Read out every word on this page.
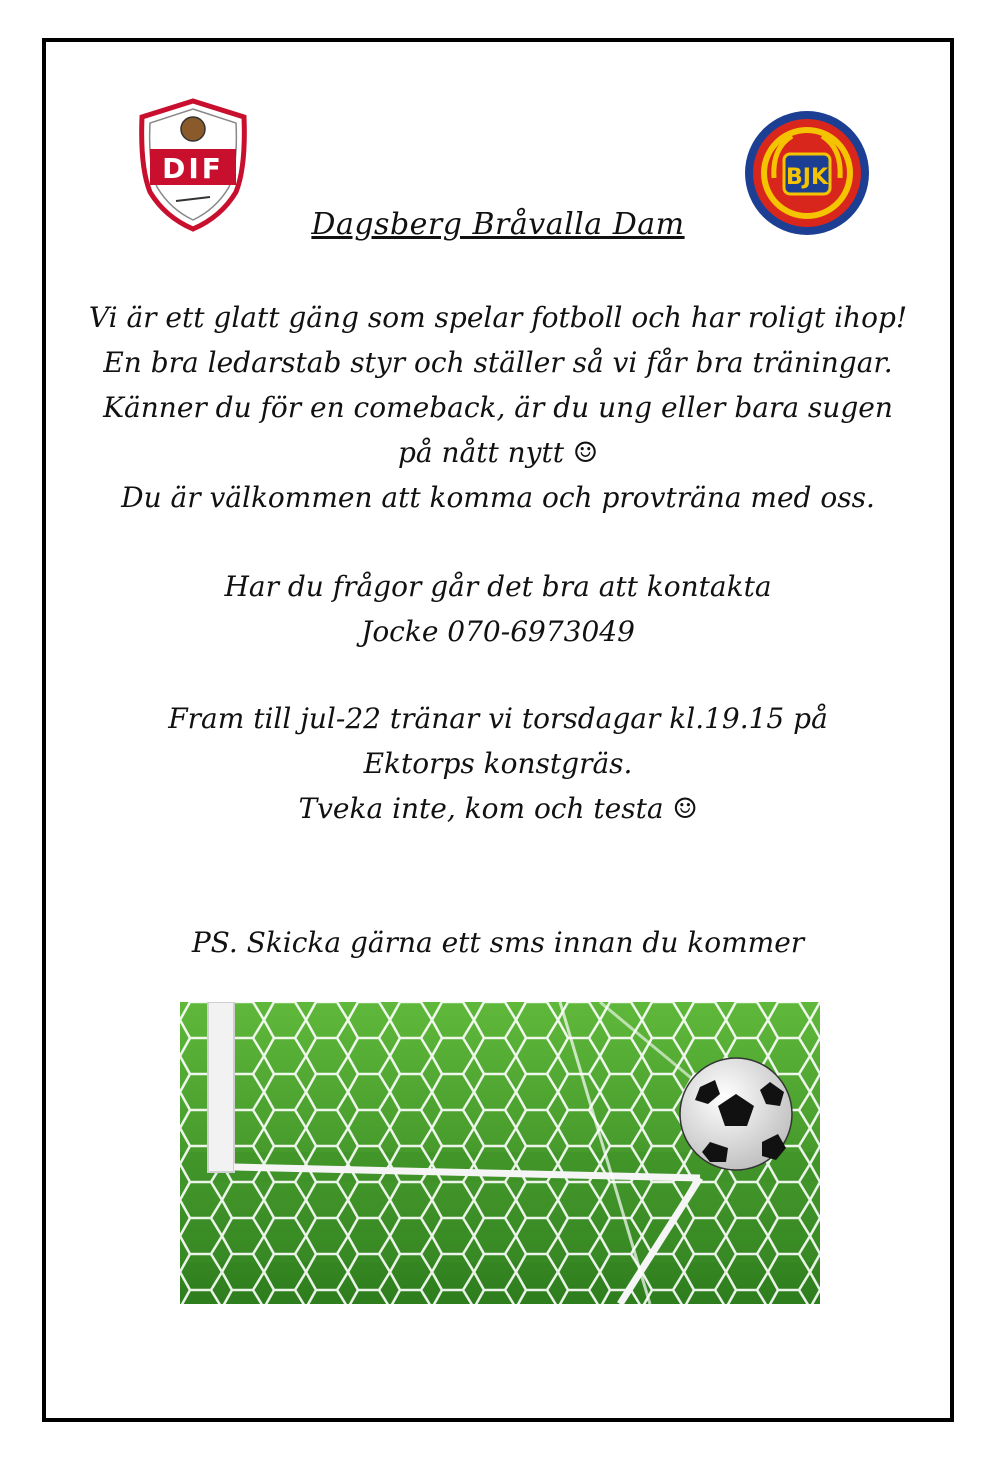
DIF	BJK
Dagsberg Bråvalla Dam
Vi är ett glatt gäng som spelar fotboll och har roligt ihop!
En bra ledarstab styr och ställer så vi får bra träningar.
Känner du för en comeback, är du ung eller bara sugen
på nått nytt ☺
Du är välkommen att komma och provträna med oss.
Har du frågor går det bra att kontakta
Jocke 070-6973049
Fram till jul-22 tränar vi torsdagar kl.19.15 på
Ektorps konstgräs.
Tveka inte, kom och testa ☺
PS. Skicka gärna ett sms innan du kommer
